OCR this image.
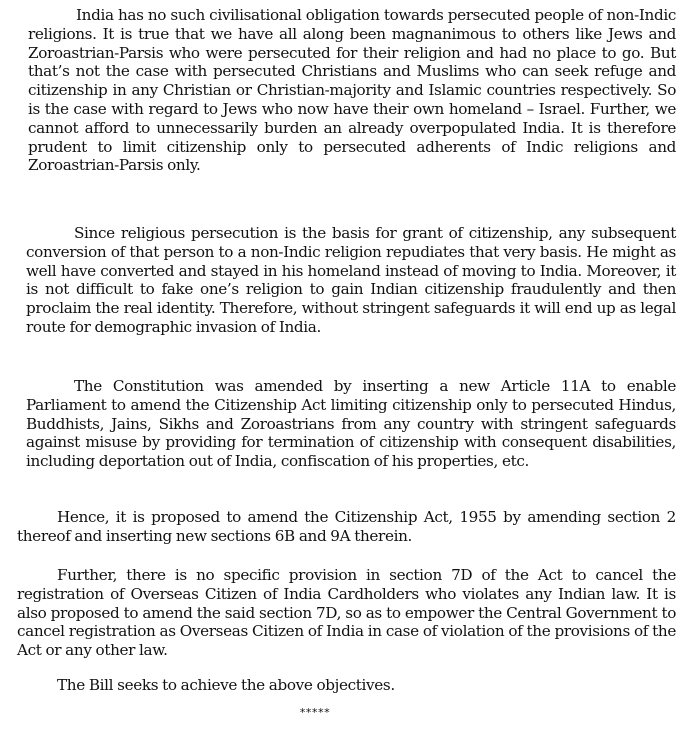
India has no such civilisational obligation towards persecuted people of non-Indic religions. It is true that we have all along been magnanimous to others like Jews and Zoroastrian-Parsis who were persecuted for their religion and had no place to go. But that’s not the case with persecuted Christians and Muslims who can seek refuge and citizenship in any Christian or Christian-majority and Islamic countries respectively. So is the case with regard to Jews who now have their own homeland – Israel. Further, we cannot afford to unnecessarily burden an already overpopulated India. It is therefore prudent to limit citizenship only to persecuted adherents of Indic religions and Zoroastrian-Parsis only.

Since religious persecution is the basis for grant of citizenship, any subsequent conversion of that person to a non-Indic religion repudiates that very basis. He might as well have converted and stayed in his homeland instead of moving to India. Moreover, it is not difficult to fake one’s religion to gain Indian citizenship fraudulently and then proclaim the real identity. Therefore, without stringent safeguards it will end up as legal route for demographic invasion of India.

The Constitution was amended by inserting a new Article 11A to enable Parliament to amend the Citizenship Act limiting citizenship only to persecuted Hindus, Buddhists, Jains, Sikhs and Zoroastrians from any country with stringent safeguards against misuse by providing for termination of citizenship with consequent disabilities, including deportation out of India, confiscation of his properties, etc.

Hence, it is proposed to amend the Citizenship Act, 1955 by amending section 2 thereof and inserting new sections 6B and 9A therein.

Further, there is no specific provision in section 7D of the Act to cancel the registration of Overseas Citizen of India Cardholders who violates any Indian law. It is also proposed to amend the said section 7D, so as to empower the Central Government to cancel registration as Overseas Citizen of India in case of violation of the provisions of the Act or any other law.

The Bill seeks to achieve the above objectives.

*****
